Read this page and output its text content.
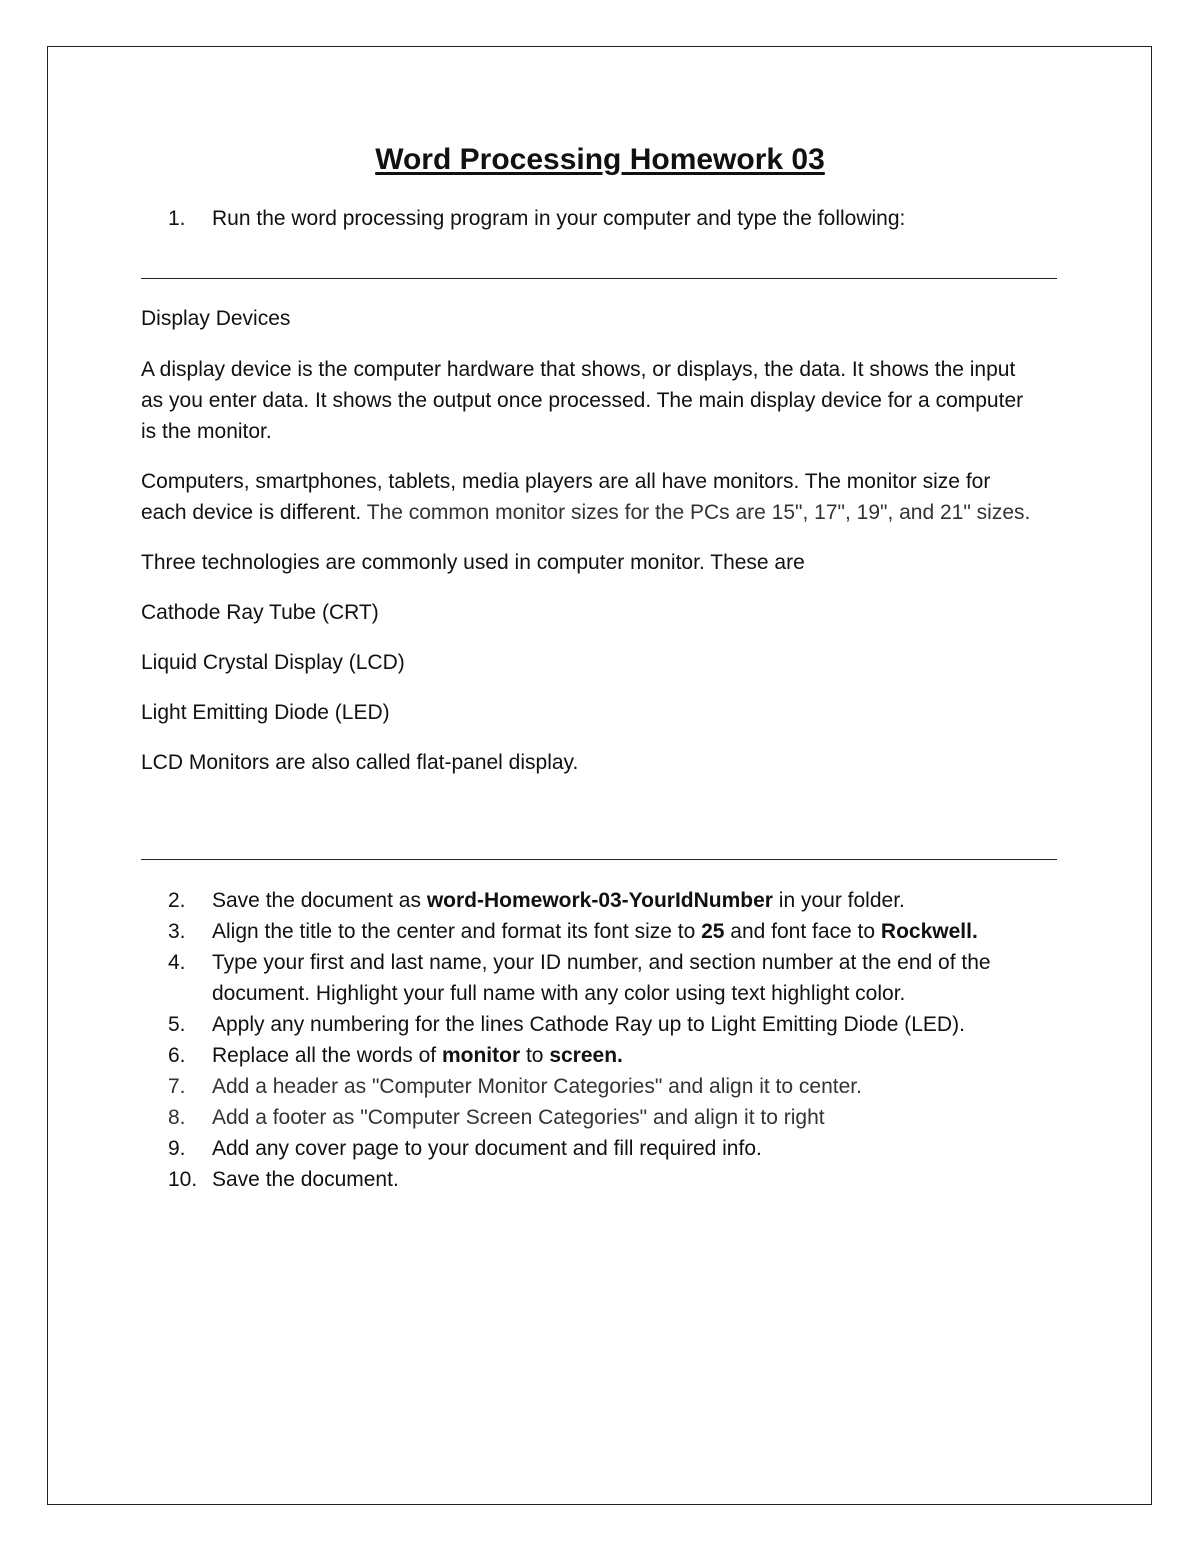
Word Processing Homework 03
1.	Run the word processing program in your computer and type the following:

Display Devices

A display device is the computer hardware that shows, or displays, the data. It shows the input as you enter data. It shows the output once processed. The main display device for a computer is the monitor.

Computers, smartphones, tablets, media players are all have monitors. The monitor size for each device is different. The common monitor sizes for the PCs are 15", 17", 19", and 21" sizes.

Three technologies are commonly used in computer monitor. These are

Cathode Ray Tube (CRT)

Liquid Crystal Display (LCD)

Light Emitting Diode (LED)

LCD Monitors are also called flat-panel display.

2.	Save the document as word-Homework-03-YourIdNumber in your folder.
3.	Align the title to the center and format its font size to 25 and font face to Rockwell.
4.	Type your first and last name, your ID number, and section number at the end of the document. Highlight your full name with any color using text highlight color.
5.	Apply any numbering for the lines Cathode Ray up to Light Emitting Diode (LED).
6.	Replace all the words of monitor to screen.
7.	Add a header as "Computer Monitor Categories" and align it to center.
8.	Add a footer as "Computer Screen Categories" and align it to right
9.	Add any cover page to your document and fill required info.
10. Save the document.
